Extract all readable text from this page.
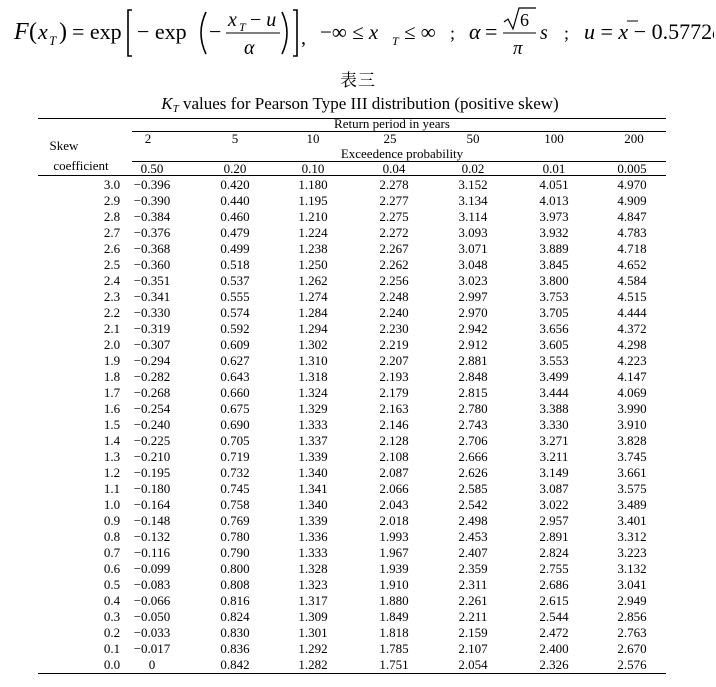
F ( x T ) = exp − exp − x T − u
α , −∞ ≤ x T ≤ ∞ ; α = 6
π
s ; u = x − 0.5772
表三
$K_T$ values for Pearson Type III distribution (positive skew)
Return period in years
Skew
coefficient
2	5	10	25	50	100	200
Exceedence probability
0.50	0.20	0.10	0.04	0.02	0.01	0.005
3.0	−0.396	0.420	1.180	2.278	3.152	4.051	4.970
2.9	−0.390	0.440	1.195	2.277	3.134	4.013	4.909
2.8	−0.384	0.460	1.210	2.275	3.114	3.973	4.847
2.7	−0.376	0.479	1.224	2.272	3.093	3.932	4.783
2.6	−0.368	0.499	1.238	2.267	3.071	3.889	4.718
2.5	−0.360	0.518	1.250	2.262	3.048	3.845	4.652
2.4	−0.351	0.537	1.262	2.256	3.023	3.800	4.584
2.3	−0.341	0.555	1.274	2.248	2.997	3.753	4.515
2.2	−0.330	0.574	1.284	2.240	2.970	3.705	4.444
2.1	−0.319	0.592	1.294	2.230	2.942	3.656	4.372
2.0	−0.307	0.609	1.302	2.219	2.912	3.605	4.298
1.9	−0.294	0.627	1.310	2.207	2.881	3.553	4.223
1.8	−0.282	0.643	1.318	2.193	2.848	3.499	4.147
1.7	−0.268	0.660	1.324	2.179	2.815	3.444	4.069
1.6	−0.254	0.675	1.329	2.163	2.780	3.388	3.990
1.5	−0.240	0.690	1.333	2.146	2.743	3.330	3.910
1.4	−0.225	0.705	1.337	2.128	2.706	3.271	3.828
1.3	−0.210	0.719	1.339	2.108	2.666	3.211	3.745
1.2	−0.195	0.732	1.340	2.087	2.626	3.149	3.661
1.1	−0.180	0.745	1.341	2.066	2.585	3.087	3.575
1.0	−0.164	0.758	1.340	2.043	2.542	3.022	3.489
0.9	−0.148	0.769	1.339	2.018	2.498	2.957	3.401
0.8	−0.132	0.780	1.336	1.993	2.453	2.891	3.312
0.7	−0.116	0.790	1.333	1.967	2.407	2.824	3.223
0.6	−0.099	0.800	1.328	1.939	2.359	2.755	3.132
0.5	−0.083	0.808	1.323	1.910	2.311	2.686	3.041
0.4	−0.066	0.816	1.317	1.880	2.261	2.615	2.949
0.3	−0.050	0.824	1.309	1.849	2.211	2.544	2.856
0.2	−0.033	0.830	1.301	1.818	2.159	2.472	2.763
0.1	−0.017	0.836	1.292	1.785	2.107	2.400	2.670
0.0	0	0.842	1.282	1.751	2.054	2.326	2.576
